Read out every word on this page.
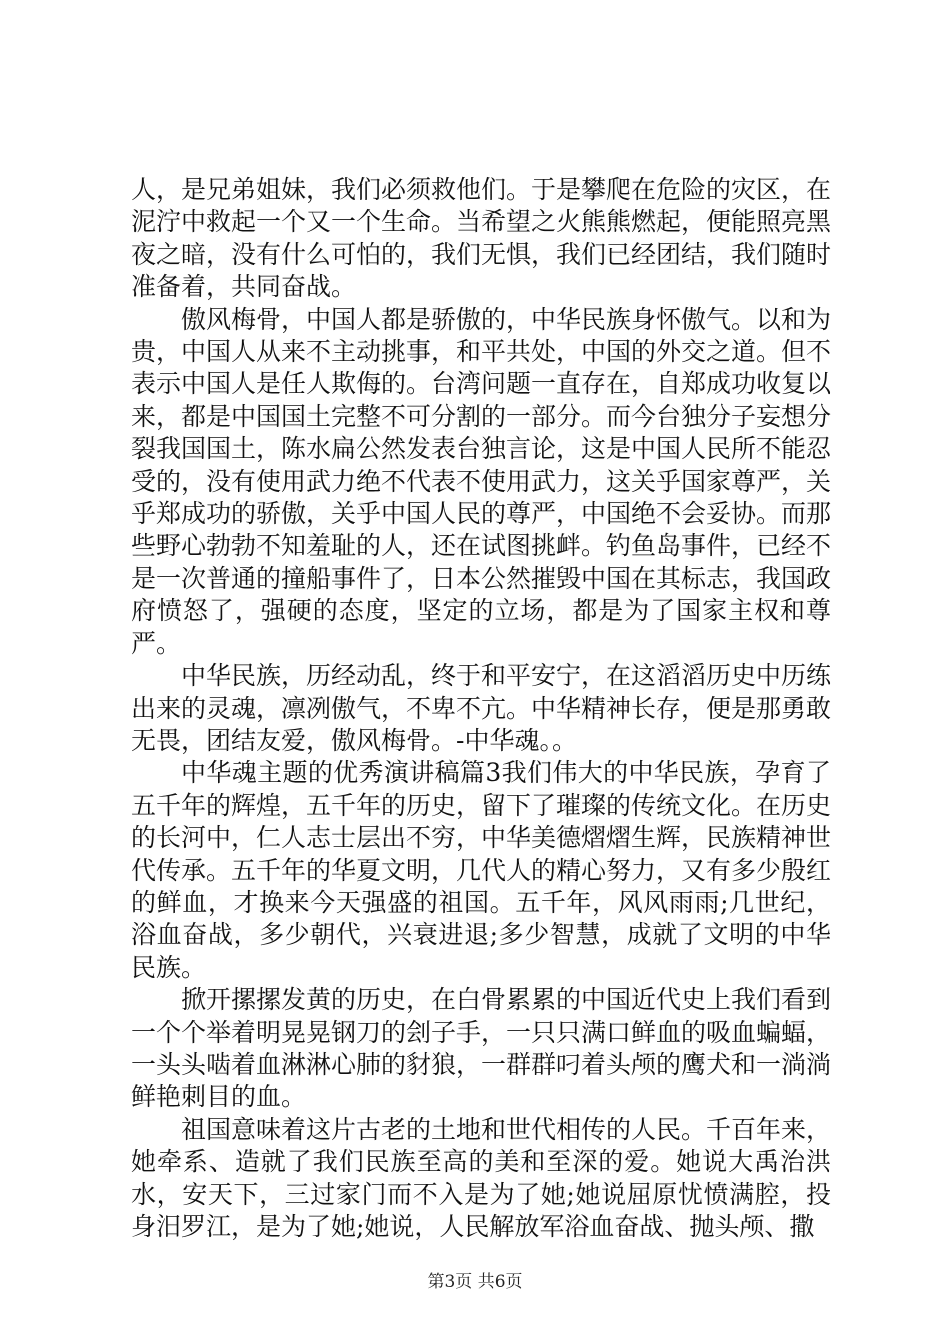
人，是兄弟姐妹，我们必须救他们。于是攀爬在危险的灾区，在泥泞中救起一个又一个生命。当希望之火熊熊燃起，便能照亮黑夜之暗，没有什么可怕的，我们无惧，我们已经团结，我们随时准备着，共同奋战。

傲风梅骨，中国人都是骄傲的，中华民族身怀傲气。以和为贵，中国人从来不主动挑事，和平共处，中国的外交之道。但不表示中国人是任人欺侮的。台湾问题一直存在，自郑成功收复以来，都是中国国土完整不可分割的一部分。而今台独分子妄想分裂我国国土，陈水扁公然发表台独言论，这是中国人民所不能忍受的，没有使用武力绝不代表不使用武力，这关乎国家尊严，关乎郑成功的骄傲，关乎中国人民的尊严，中国绝不会妥协。而那些野心勃勃不知羞耻的人，还在试图挑衅。钓鱼岛事件，已经不是一次普通的撞船事件了，日本公然摧毁中国在其标志，我国政府愤怒了，强硬的态度，坚定的立场，都是为了国家主权和尊严。

中华民族，历经动乱，终于和平安宁，在这滔滔历史中历练出来的灵魂，凛冽傲气，不卑不亢。中华精神长存，便是那勇敢无畏，团结友爱，傲风梅骨。-中华魂。。

中华魂主题的优秀演讲稿篇3我们伟大的中华民族，孕育了五千年的辉煌，五千年的历史，留下了璀璨的传统文化。在历史的长河中，仁人志士层出不穷，中华美德熠熠生辉，民族精神世代传承。五千年的华夏文明，几代人的精心努力，又有多少殷红的鲜血，才换来今天强盛的祖国。五千年，风风雨雨;几世纪，浴血奋战，多少朝代，兴衰进退;多少智慧，成就了文明的中华民族。

掀开摞摞发黄的历史，在白骨累累的中国近代史上我们看到一个个举着明晃晃钢刀的刽子手，一只只满口鲜血的吸血蝙蝠，一头头啮着血淋淋心肺的豺狼，一群群叼着头颅的鹰犬和一淌淌鲜艳刺目的血。

祖国意味着这片古老的土地和世代相传的人民。千百年来，她牵系、造就了我们民族至高的美和至深的爱。她说大禹治洪水，安天下，三过家门而不入是为了她;她说屈原忧愤满腔，投身汨罗江，是为了她;她说，人民解放军浴血奋战、抛头颅、撒

第3页 共6页
